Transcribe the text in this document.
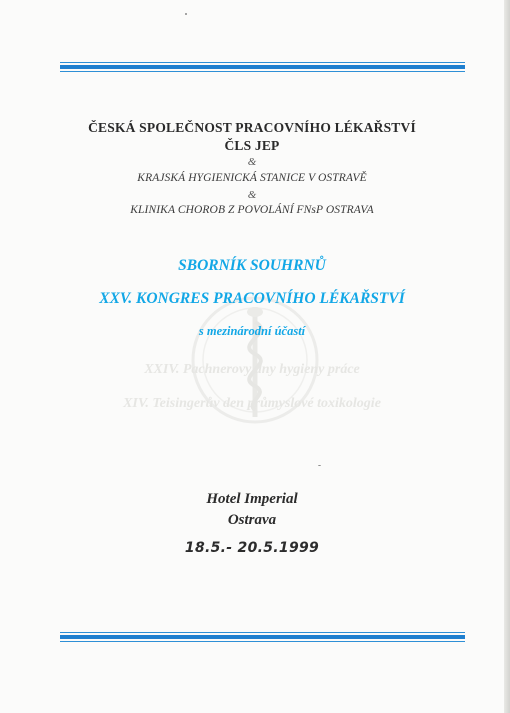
ČESKÁ SPOLEČNOST PRACOVNÍHO LÉKAŘSTVÍ
ČLS JEP
&
KRAJSKÁ HYGIENICKÁ STANICE V OSTRAVĚ
&
KLINIKA CHOROB Z POVOLÁNÍ FNsP OSTRAVA
SBORNÍK SOUHRNŮ
XXV. KONGRES PRACOVNÍHO LÉKAŘSTVÍ
s mezinárodní účastí
XXIV. Pachnerovy dny hygieny práce
XIV. Teisingerův den průmyslové toxikologie
Hotel Imperial
Ostrava
18.5.- 20.5.1999
